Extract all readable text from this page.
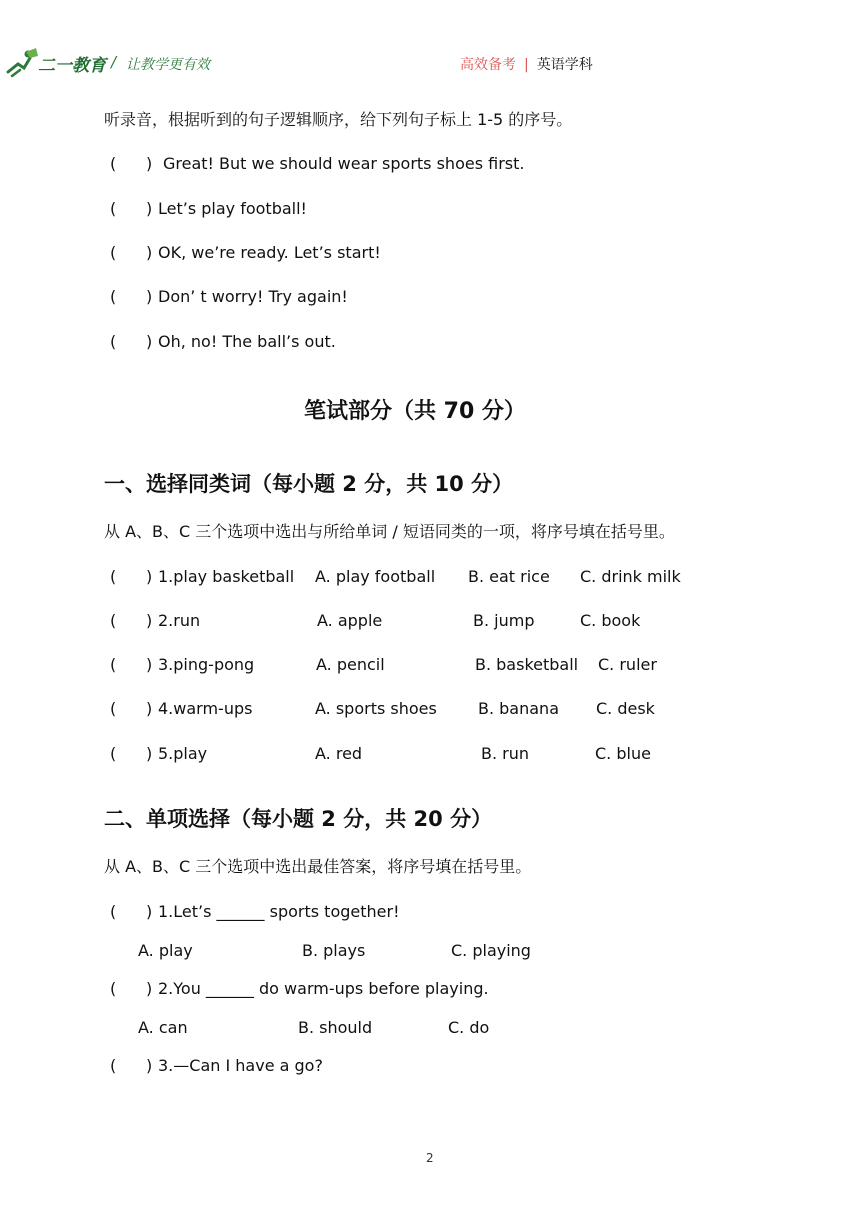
二一教育 / 让教学更有效	高效备考 | 英语学科
听录音，根据听到的句子逻辑顺序，给下列句子标上 1-5 的序号。
( ) Great! But we should wear sports shoes first.
( ) Let’s play football!
( ) OK, we’re ready. Let’s start!
( ) Don’ t worry! Try again!
( ) Oh, no! The ball’s out.
笔试部分（共 70 分）
一、选择同类词（每小题 2 分，共 10 分）
从 A、B、C 三个选项中选出与所给单词 / 短语同类的一项，将序号填在括号里。
( ) 1.play basketball A. play football B. eat rice C. drink milk
( ) 2.run	A. apple	B. jump	C. book
( ) 3.ping-pong	A. pencil	B. basketball C. ruler
( ) 4.warm-ups	A. sports shoes	B. banana C. desk
( ) 5.play	A. red	B. run	C. blue
二、单项选择（每小题 2 分，共 20 分）
从 A、B、C 三个选项中选出最佳答案，将序号填在括号里。
( ) 1.Let’s ______ sports together!
A. play	B. plays	C. playing
( ) 2.You ______ do warm-ups before playing.
A. can	B. should	C. do
( ) 3.—Can I have a go?
2
